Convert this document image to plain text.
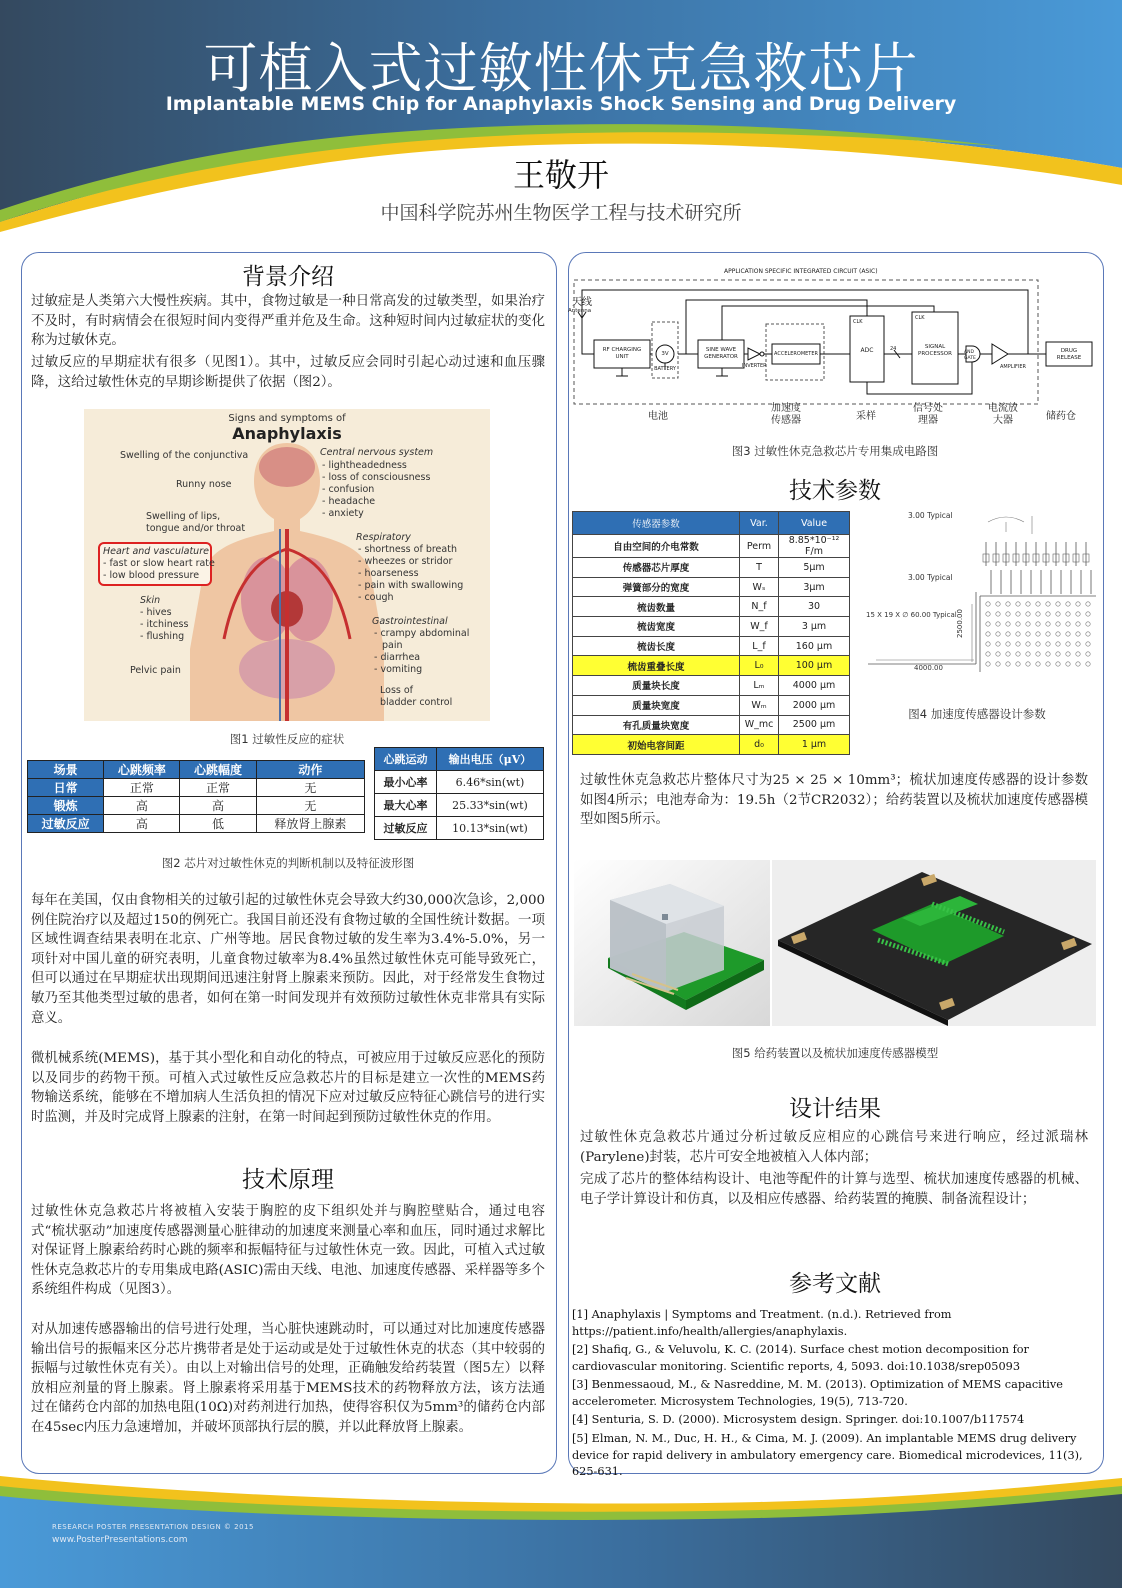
可植入式过敏性休克急救芯片
Implantable MEMS Chip for Anaphylaxis Shock Sensing and Drug Delivery
王敬开
中国科学院苏州生物医学工程与技术研究所
背景介绍
过敏症是人类第六大慢性疾病。其中，食物过敏是一种日常高发的过敏类型，如果治疗不及时，有时病情会在很短时间内变得严重并危及生命。这种短时间内过敏症状的变化称为过敏休克。
过敏反应的早期症状有很多（见图1）。其中，过敏反应会同时引起心动过速和血压骤降，这给过敏性休克的早期诊断提供了依据（图2）。
Signs and symptoms of
Anaphylaxis
Swelling of the conjunctiva
Runny nose
Swelling of lips,
tongue and/or throat
Heart and vasculature
- fast or slow heart rate
- low blood pressure
Skin
- hives
- itchiness
- flushing
Pelvic pain
Central nervous system
- lightheadedness
- loss of consciousness
- confusion
- headache
- anxiety
Respiratory
- shortness of breath
- wheezes or stridor
- hoarseness
- pain with swallowing
- cough
Gastrointestinal
- crampy abdominal
pain
- diarrhea
- vomiting
Loss of
bladder control
图1 过敏性反应的症状
场景	心跳频率	心跳幅度	动作
日常	正常	正常	无
锻炼	高	高	无
过敏反应	高	低	释放肾上腺素
心跳运动	输出电压（μV）
最小心率	6.46*sin(wt)
最大心率	25.33*sin(wt)
过敏反应	10.13*sin(wt)
图2 芯片对过敏性休克的判断机制以及特征波形图
每年在美国，仅由食物相关的过敏引起的过敏性休克会导致大约30,000次急诊，2,000例住院治疗以及超过150的例死亡。我国目前还没有食物过敏的全国性统计数据。一项区域性调查结果表明在北京、广州等地。居民食物过敏的发生率为3.4%-5.0%，另一项针对中国儿童的研究表明，儿童食物过敏率为8.4%虽然过敏性休克可能导致死亡，但可以通过在早期症状出现期间迅速注射肾上腺素来预防。因此，对于经常发生食物过敏乃至其他类型过敏的患者，如何在第一时间发现并有效预防过敏性休克非常具有实际意义。
微机械系统(MEMS)，基于其小型化和自动化的特点，可被应用于过敏反应恶化的预防以及同步的药物干预。可植入式过敏性反应急救芯片的目标是建立一次性的MEMS药物输送系统，能够在不增加病人生活负担的情况下应对过敏反应特征心跳信号的进行实时监测，并及时完成肾上腺素的注射，在第一时间起到预防过敏性休克的作用。
技术原理
过敏性休克急救芯片将被植入安装于胸腔的皮下组织处并与胸腔壁贴合，通过电容式“梳状驱动”加速度传感器测量心脏律动的加速度来测量心率和血压，同时通过求解比对保证肾上腺素给药时心跳的频率和振幅特征与过敏性休克一致。因此，可植入式过敏性休克急救芯片的专用集成电路(ASIC)需由天线、电池、加速度传感器、采样器等多个系统组件构成（见图3）。
对从加速传感器输出的信号进行处理，当心脏快速跳动时，可以通过对比加速度传感器输出信号的振幅来区分芯片携带者是处于运动或是处于过敏性休克的状态（其中较弱的振幅与过敏性休克有关）。由以上对输出信号的处理，正确触发给药装置（图5左）以释放相应剂量的肾上腺素。肾上腺素将采用基于MEMS技术的药物释放方法，该方法通过在储药仓内部的加热电阻(10Ω)对药剂进行加热，使得容积仅为5mm³的储药仓内部在45sec内压力急速增加，并破坏顶部执行层的膜，并以此释放肾上腺素。
APPLICATION SPECIFIC INTEGRATED CIRCUIT (ASIC)
天线
Antenna
RF CHARGING UNIT	3V
BATTERY
SINE WAVE GENERATOR
INVERTER
ACCELEROMETER
CLK
ADC	24
CLK
SIGNAL PROCESSOR	AND GATE
AMPLIFIER
DRUG RELEASE
电池
加速度传感器	采样
信号处理器
电流放大器	储药仓
图3 过敏性休克急救芯片专用集成电路图
技术参数
传感器参数	Var.	Value
自由空间的介电常数	Perm	8.85*10⁻¹² F/m
传感器芯片厚度	T	5μm
弹簧部分的宽度	Wₛ	3μm
梳齿数量	N_f	30
梳齿宽度	W_f	3 μm
梳齿长度	L_f	160 μm
梳齿重叠长度	L₀	100 μm
质量块长度	Lₘ	4000 μm
质量块宽度	Wₘ	2000 μm
有孔质量块宽度	W_mc	2500 μm
初始电容间距	d₀	1 μm
3.00 Typical
3.00 Typical
15 X 19 X ∅ 60.00 Typical 2500.00
4000.00
图4 加速度传感器设计参数
过敏性休克急救芯片整体尺寸为25 × 25 × 10mm³；梳状加速度传感器的设计参数如图4所示；电池寿命为：19.5h（2节CR2032）；给药装置以及梳状加速度传感器模型如图5所示。
图5 给药装置以及梳状加速度传感器模型
设计结果
过敏性休克急救芯片通过分析过敏反应相应的心跳信号来进行响应，经过派瑞林(Parylene)封装，芯片可安全地被植入人体内部；
完成了芯片的整体结构设计、电池等配件的计算与选型、梳状加速度传感器的机械、电子学计算设计和仿真，以及相应传感器、给药装置的掩膜、制备流程设计；
参考文献
[1] Anaphylaxis | Symptoms and Treatment. (n.d.). Retrieved from https://patient.info/health/allergies/anaphylaxis.
[2] Shafiq, G., & Veluvolu, K. C. (2014). Surface chest motion decomposition for cardiovascular monitoring. Scientific reports, 4, 5093. doi:10.1038/srep05093
[3] Benmessaoud, M., & Nasreddine, M. M. (2013). Optimization of MEMS capacitive accelerometer. Microsystem Technologies, 19(5), 713-720.
[4] Senturia, S. D. (2000). Microsystem design. Springer. doi:10.1007/b117574
[5] Elman, N. M., Duc, H. H., & Cima, M. J. (2009). An implantable MEMS drug delivery device for rapid delivery in ambulatory emergency care. Biomedical microdevices, 11(3), 625-631.
RESEARCH POSTER PRESENTATION DESIGN © 2015
www.PosterPresentations.com
